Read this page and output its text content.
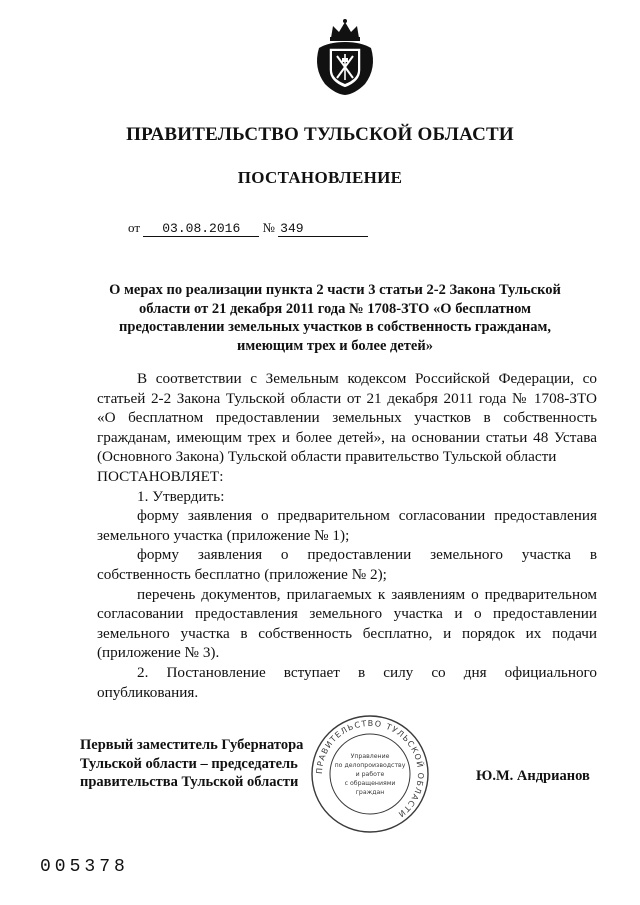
ПРАВИТЕЛЬСТВО ТУЛЬСКОЙ ОБЛАСТИ
ПОСТАНОВЛЕНИЕ
от 03.08.2016 № 349
О мерах по реализации пункта 2 части 3 статьи 2-2 Закона Тульской
области от 21 декабря 2011 года № 1708-ЗТО «О бесплатном
предоставлении земельных участков в собственность гражданам,
имеющим трех и более детей»

В соответствии с Земельным кодексом Российской Федерации, со статьей 2-2 Закона Тульской области от 21 декабря 2011 года № 1708-ЗТО «О бесплатном предоставлении земельных участков в собственность гражданам, имеющим трех и более детей», на основании статьи 48 Устава (Основного Закона) Тульской области правительство Тульской области

ПОСТАНОВЛЯЕТ:

1. Утвердить:

форму заявления о предварительном согласовании предоставления земельного участка (приложение № 1);

форму заявления о предоставлении земельного участка в собственность бесплатно (приложение № 2);

перечень документов, прилагаемых к заявлениям о предварительном согласовании предоставления земельного участка и о предоставлении земельного участка в собственность бесплатно, и порядок их подачи (приложение № 3).

2. Постановление вступает в силу со дня официального опубликования.

Первый заместитель Губернатора
Тульской области – председатель
правительства Тульской области
ПРАВИТЕЛЬСТВО ТУЛЬСКОЙ ОБЛАСТИ
Управление
по делопроизводству
и работе
с обращениями
граждан
Ю.М. Андрианов
005378
